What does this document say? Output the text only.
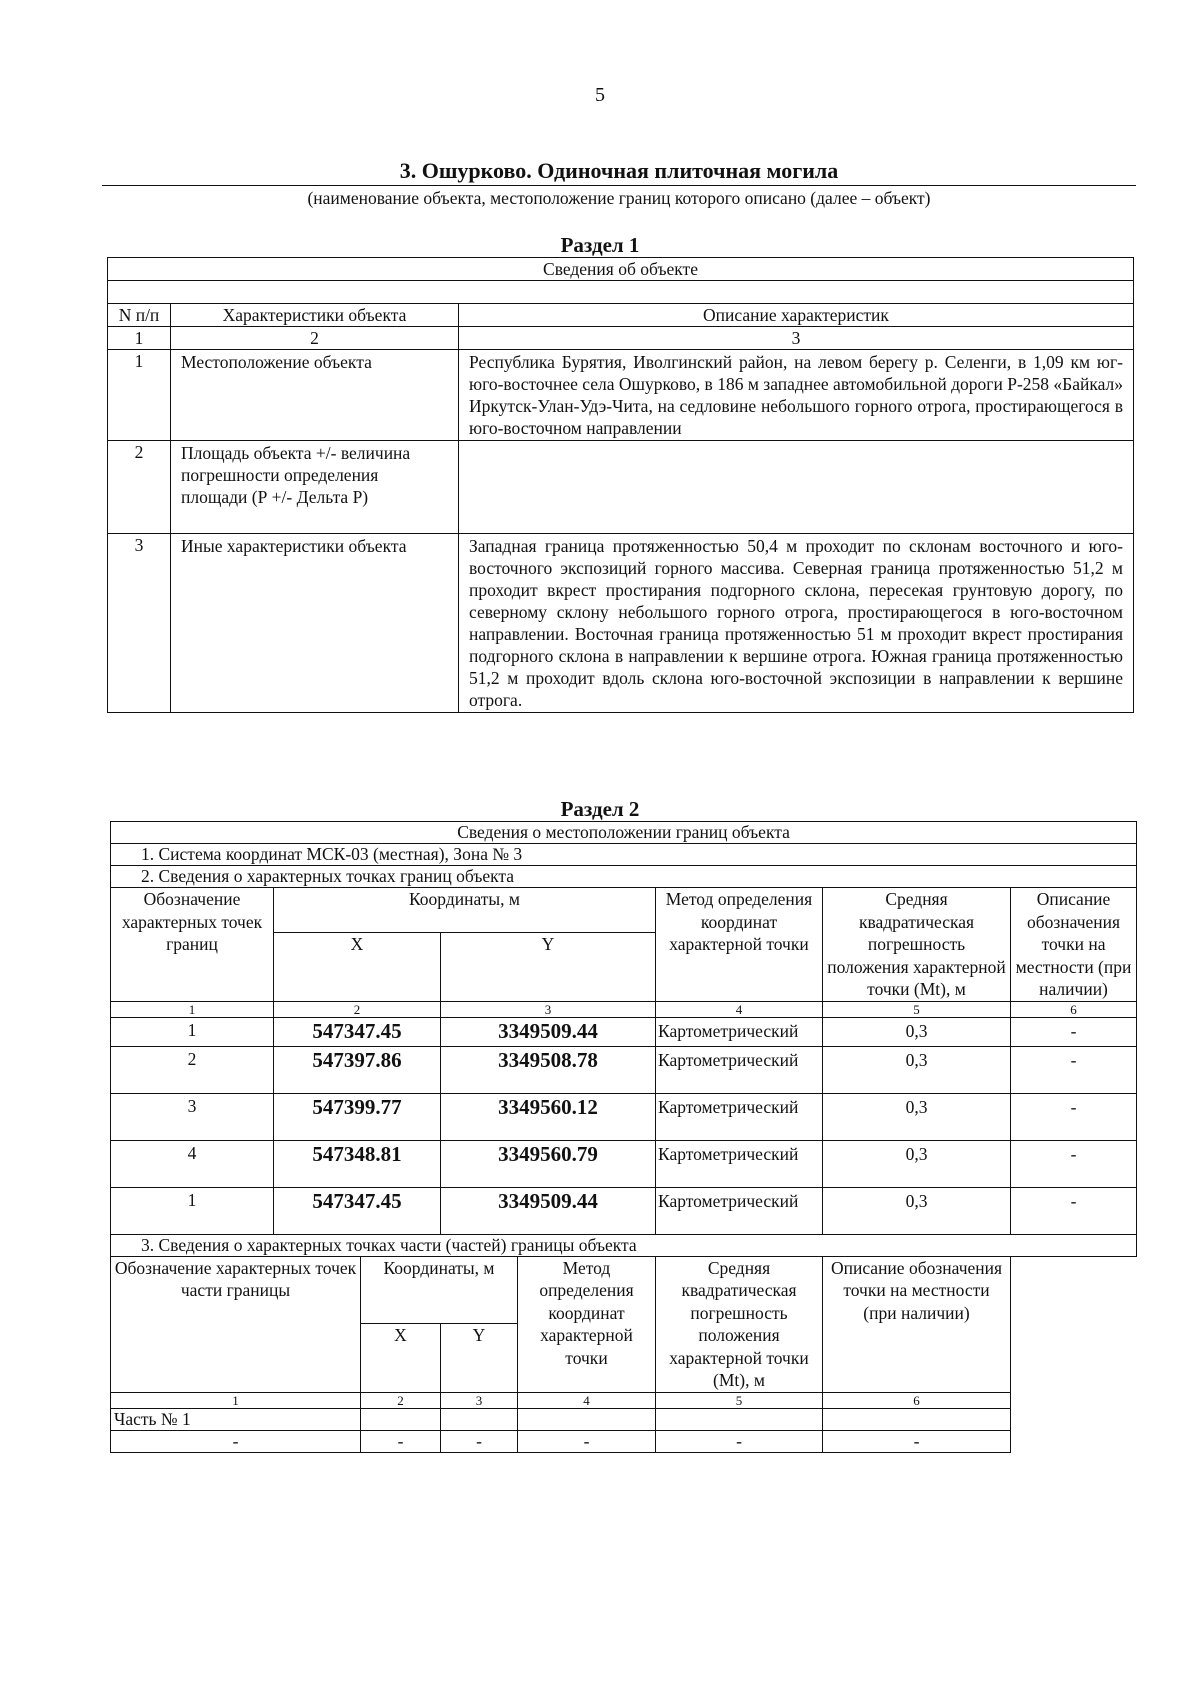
5
3. Ошурково. Одиночная плиточная могила
(наименование объекта, местоположение границ которого описано (далее – объект)
Раздел 1
Сведения об объекте		

N п/п	Характеристики объекта	Описание характеристик
1	2	3
1	Местоположение объекта	Республика Бурятия, Иволгинский район, на левом берегу р. Селенги, в 1,09 км юг-юго-восточнее села Ошурково, в 186 м западнее автомобильной дороги Р-258 «Байкал» Иркутск-Улан-Удэ-Чита, на седловине небольшого горного отрога, простирающегося в юго-восточном направлении
2	Площадь объекта +/- величина погрешности определения площади (Р +/- Дельта Р)	
3	Иные характеристики объекта	Западная граница протяженностью 50,4 м проходит по склонам восточного и юго-восточного экспозиций горного массива. Северная граница протяженностью 51,2 м проходит вкрест простирания подгорного склона, пересекая грунтовую дорогу, по северному склону небольшого горного отрога, простирающегося в юго-восточном направлении. Восточная граница протяженностью 51 м проходит вкрест простирания подгорного склона в направлении к вершине отрога. Южная граница протяженностью 51,2 м проходит вдоль склона юго-восточной экспозиции в направлении к вершине отрога.
Раздел 2
Сведения о местоположении границ объекта							
1. Система координат МСК-03 (местная), Зона № 3							
2. Сведения о характерных точках границ объекта							
Обозначение характерных точек границ	Координаты, м				Метод определения координат характерной точки	Средняя квадратическая погрешность положения характерной точки (Mt), м	Описание обозначения точки на местности (при наличии)
	X		Y				
1	2		3		4	5	6
1	547347.45		3349509.44		Картометрический	0,3	-
2	547397.86		3349508.78		Картометрический	0,3	-
3	547399.77		3349560.12		Картометрический	0,3	-
4	547348.81		3349560.79		Картометрический	0,3	-
1	547347.45		3349509.44		Картометрический	0,3	-
3. Сведения о характерных точках части (частей) границы объекта							
Обозначение характерных точек части границы		Координаты, м		Метод определения координат характерной точки	Средняя квадратическая погрешность положения характерной точки (Mt), м	Описание обозначения точки на местности (при наличии)	
		X	Y				
1		2	3	4	5	6	
Часть № 1							
-		-	-	-	-	-	
